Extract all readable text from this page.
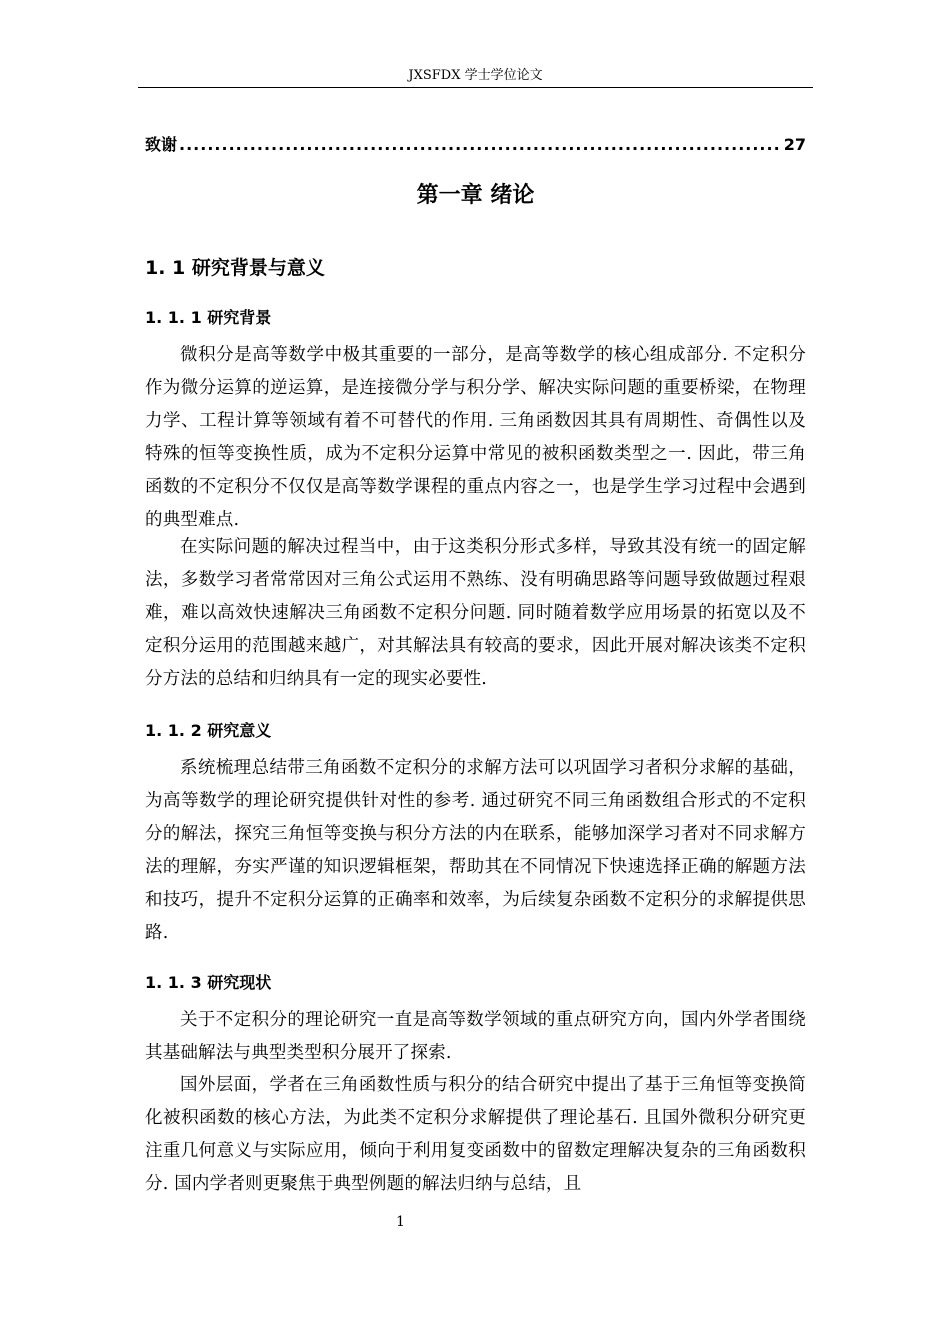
JXSFDX 学士学位论文
致谢
.....	27
第一章 绪论
1. 1 研究背景与意义
1. 1. 1 研究背景

微积分是高等数学中极其重要的一部分，是高等数学的核心组成部分. 不定积分作为微分运算的逆运算，是连接微分学与积分学、解决实际问题的重要桥梁，在物理力学、工程计算等领域有着不可替代的作用. 三角函数因其具有周期性、奇偶性以及特殊的恒等变换性质，成为不定积分运算中常见的被积函数类型之一. 因此，带三角函数的不定积分不仅仅是高等数学课程的重点内容之一，也是学生学习过程中会遇到的典型难点.

在实际问题的解决过程当中，由于这类积分形式多样，导致其没有统一的固定解法，多数学习者常常因对三角公式运用不熟练、没有明确思路等问题导致做题过程艰难，难以高效快速解决三角函数不定积分问题. 同时随着数学应用场景的拓宽以及不定积分运用的范围越来越广，对其解法具有较高的要求，因此开展对解决该类不定积分方法的总结和归纳具有一定的现实必要性.

1. 1. 2 研究意义

系统梳理总结带三角函数不定积分的求解方法可以巩固学习者积分求解的基础，为高等数学的理论研究提供针对性的参考. 通过研究不同三角函数组合形式的不定积分的解法，探究三角恒等变换与积分方法的内在联系，能够加深学习者对不同求解方法的理解，夯实严谨的知识逻辑框架，帮助其在不同情况下快速选择正确的解题方法和技巧，提升不定积分运算的正确率和效率，为后续复杂函数不定积分的求解提供思路.

1. 1. 3 研究现状

关于不定积分的理论研究一直是高等数学领域的重点研究方向，国内外学者围绕其基础解法与典型类型积分展开了探索.

国外层面，学者在三角函数性质与积分的结合研究中提出了基于三角恒等变换简化被积函数的核心方法，为此类不定积分求解提供了理论基石. 且国外微积分研究更注重几何意义与实际应用，倾向于利用复变函数中的留数定理解决复杂的三角函数积分. 国内学者则更聚焦于典型例题的解法归纳与总结，且

1
